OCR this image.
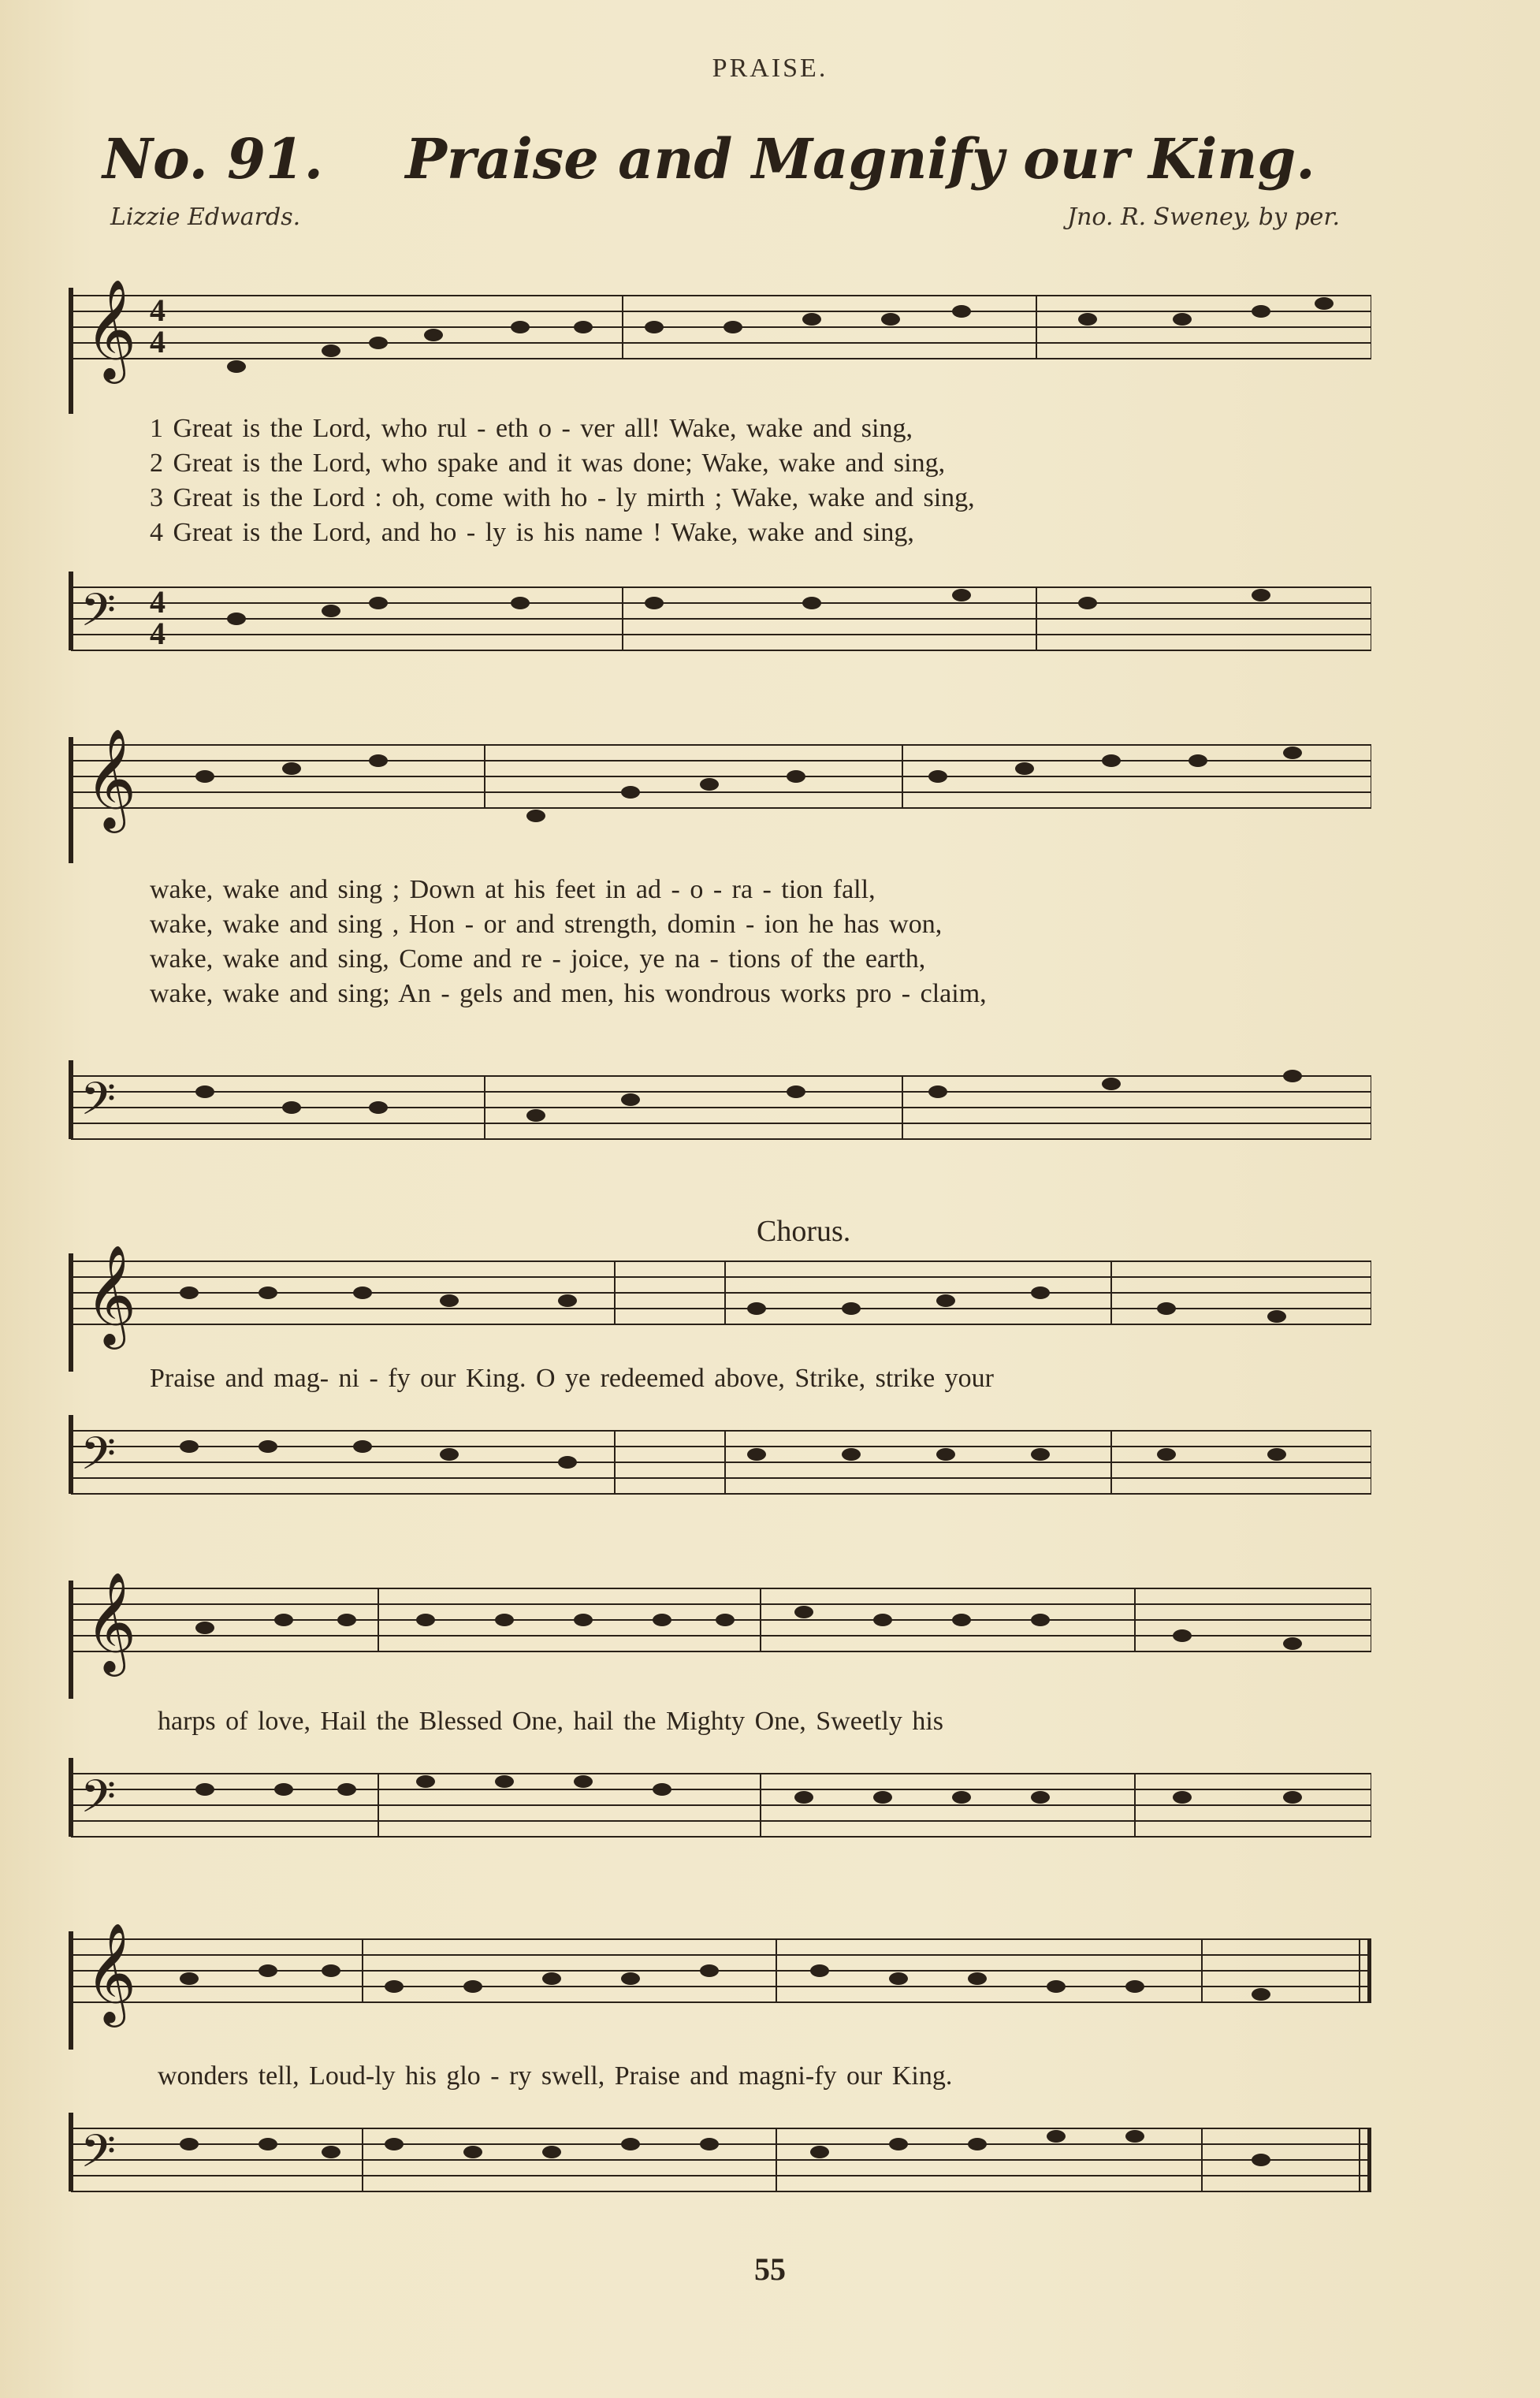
PRAISE.
No. 91. Praise and Magnify our King.
Lizzie Edwards.	Jno. R. Sweney, by per.
𝄞 4
4
1 Great is the Lord, who rul - eth o - ver all! Wake, wake and sing,
2 Great is the Lord, who spake and it was done; Wake, wake and sing,
3 Great is the Lord : oh, come with ho - ly mirth ; Wake, wake and sing,
4 Great is the Lord, and ho - ly is his name ! Wake, wake and sing,
𝄢 4
4
𝄞
wake, wake and sing ; Down at his feet in ad - o - ra - tion fall,
wake, wake and sing , Hon - or and strength, domin - ion he has won,
wake, wake and sing, Come and re - joice, ye na - tions of the earth,
wake, wake and sing; An - gels and men, his wondrous works pro - claim,
𝄢
Chorus.
𝄞
Praise and mag- ni - fy our King. O ye redeemed above, Strike, strike your
𝄢
𝄞
harps of love, Hail the Blessed One, hail the Mighty One, Sweetly his
𝄢
𝄞
wonders tell, Loud-ly his glo - ry swell, Praise and magni-fy our King.
𝄢
55
